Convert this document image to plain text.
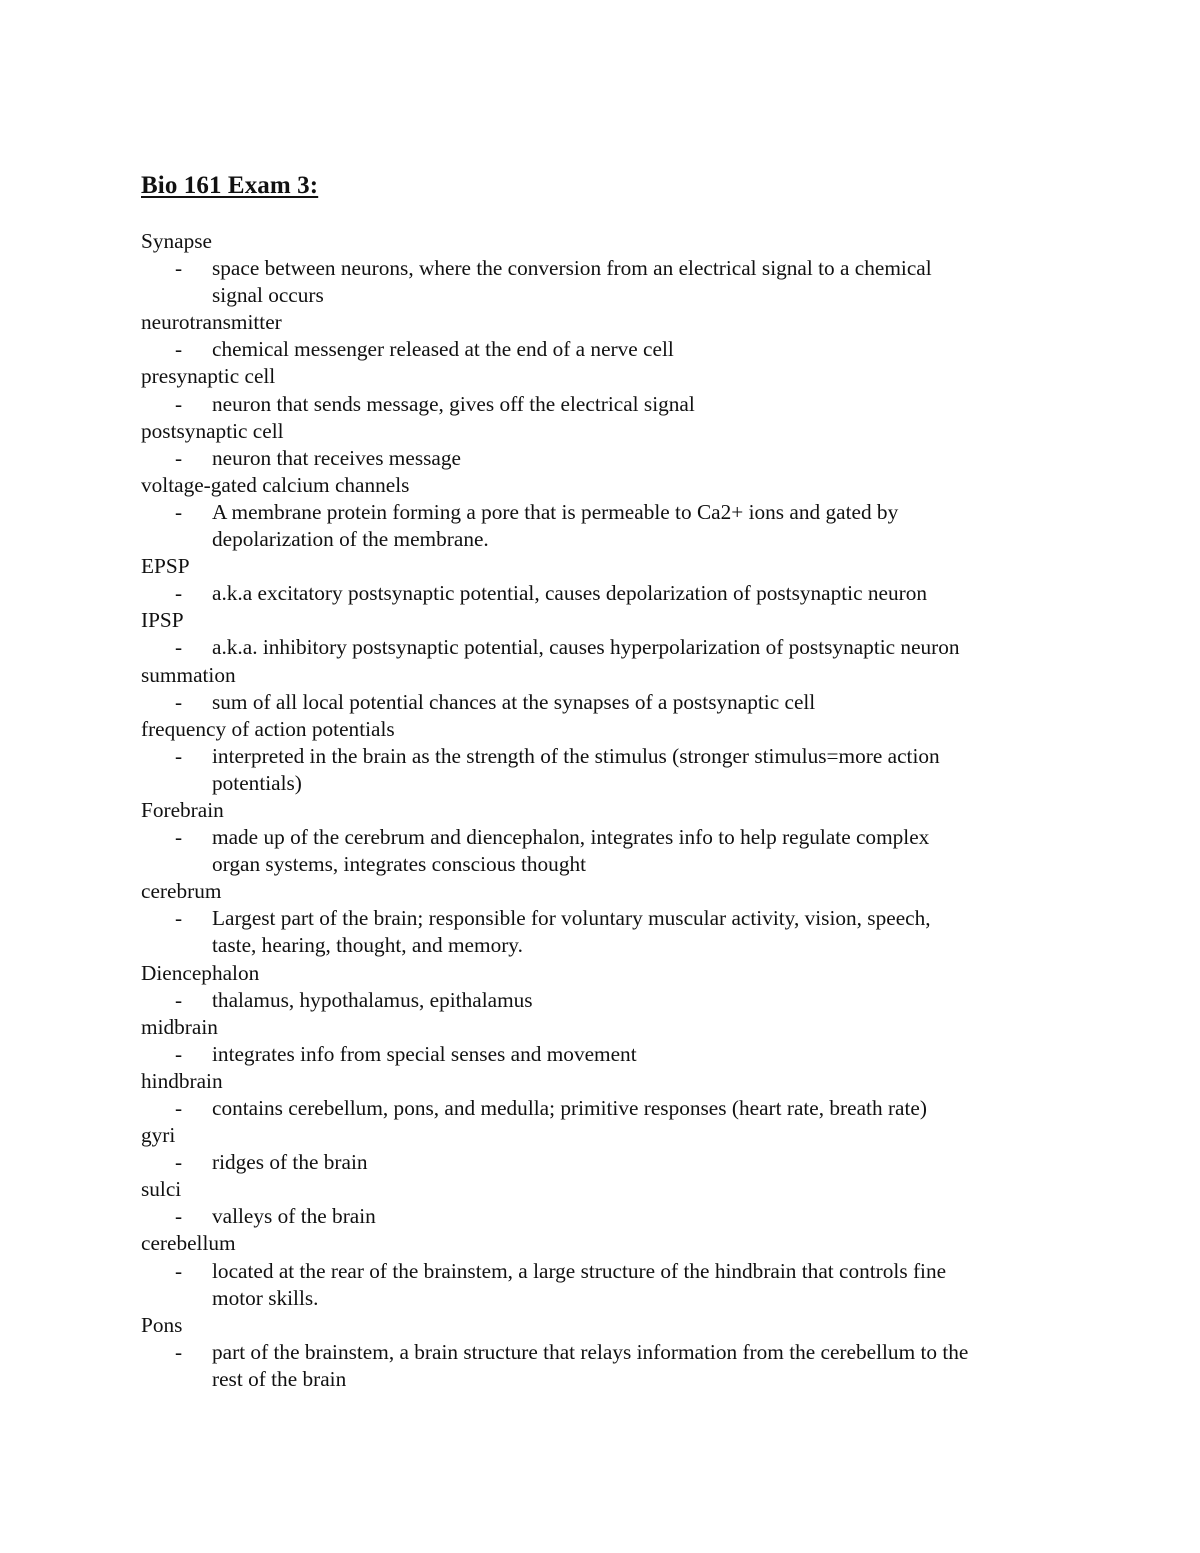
Bio 161 Exam 3:
Synapse
- space between neurons, where the conversion from an electrical signal to a chemical
signal occurs
neurotransmitter
- chemical messenger released at the end of a nerve cell
presynaptic cell
- neuron that sends message, gives off the electrical signal
postsynaptic cell
- neuron that receives message
voltage-gated calcium channels
- A membrane protein forming a pore that is permeable to Ca2+ ions and gated by
depolarization of the membrane.
EPSP
- a.k.a excitatory postsynaptic potential, causes depolarization of postsynaptic neuron
IPSP
- a.k.a. inhibitory postsynaptic potential, causes hyperpolarization of postsynaptic neuron
summation
- sum of all local potential chances at the synapses of a postsynaptic cell
frequency of action potentials
- interpreted in the brain as the strength of the stimulus (stronger stimulus=more action
potentials)
Forebrain
- made up of the cerebrum and diencephalon, integrates info to help regulate complex
organ systems, integrates conscious thought
cerebrum
- Largest part of the brain; responsible for voluntary muscular activity, vision, speech,
taste, hearing, thought, and memory.
Diencephalon
- thalamus, hypothalamus, epithalamus
midbrain
- integrates info from special senses and movement
hindbrain
- contains cerebellum, pons, and medulla; primitive responses (heart rate, breath rate)
gyri
- ridges of the brain
sulci
- valleys of the brain
cerebellum
- located at the rear of the brainstem, a large structure of the hindbrain that controls fine
motor skills.
Pons
- part of the brainstem, a brain structure that relays information from the cerebellum to the
rest of the brain
